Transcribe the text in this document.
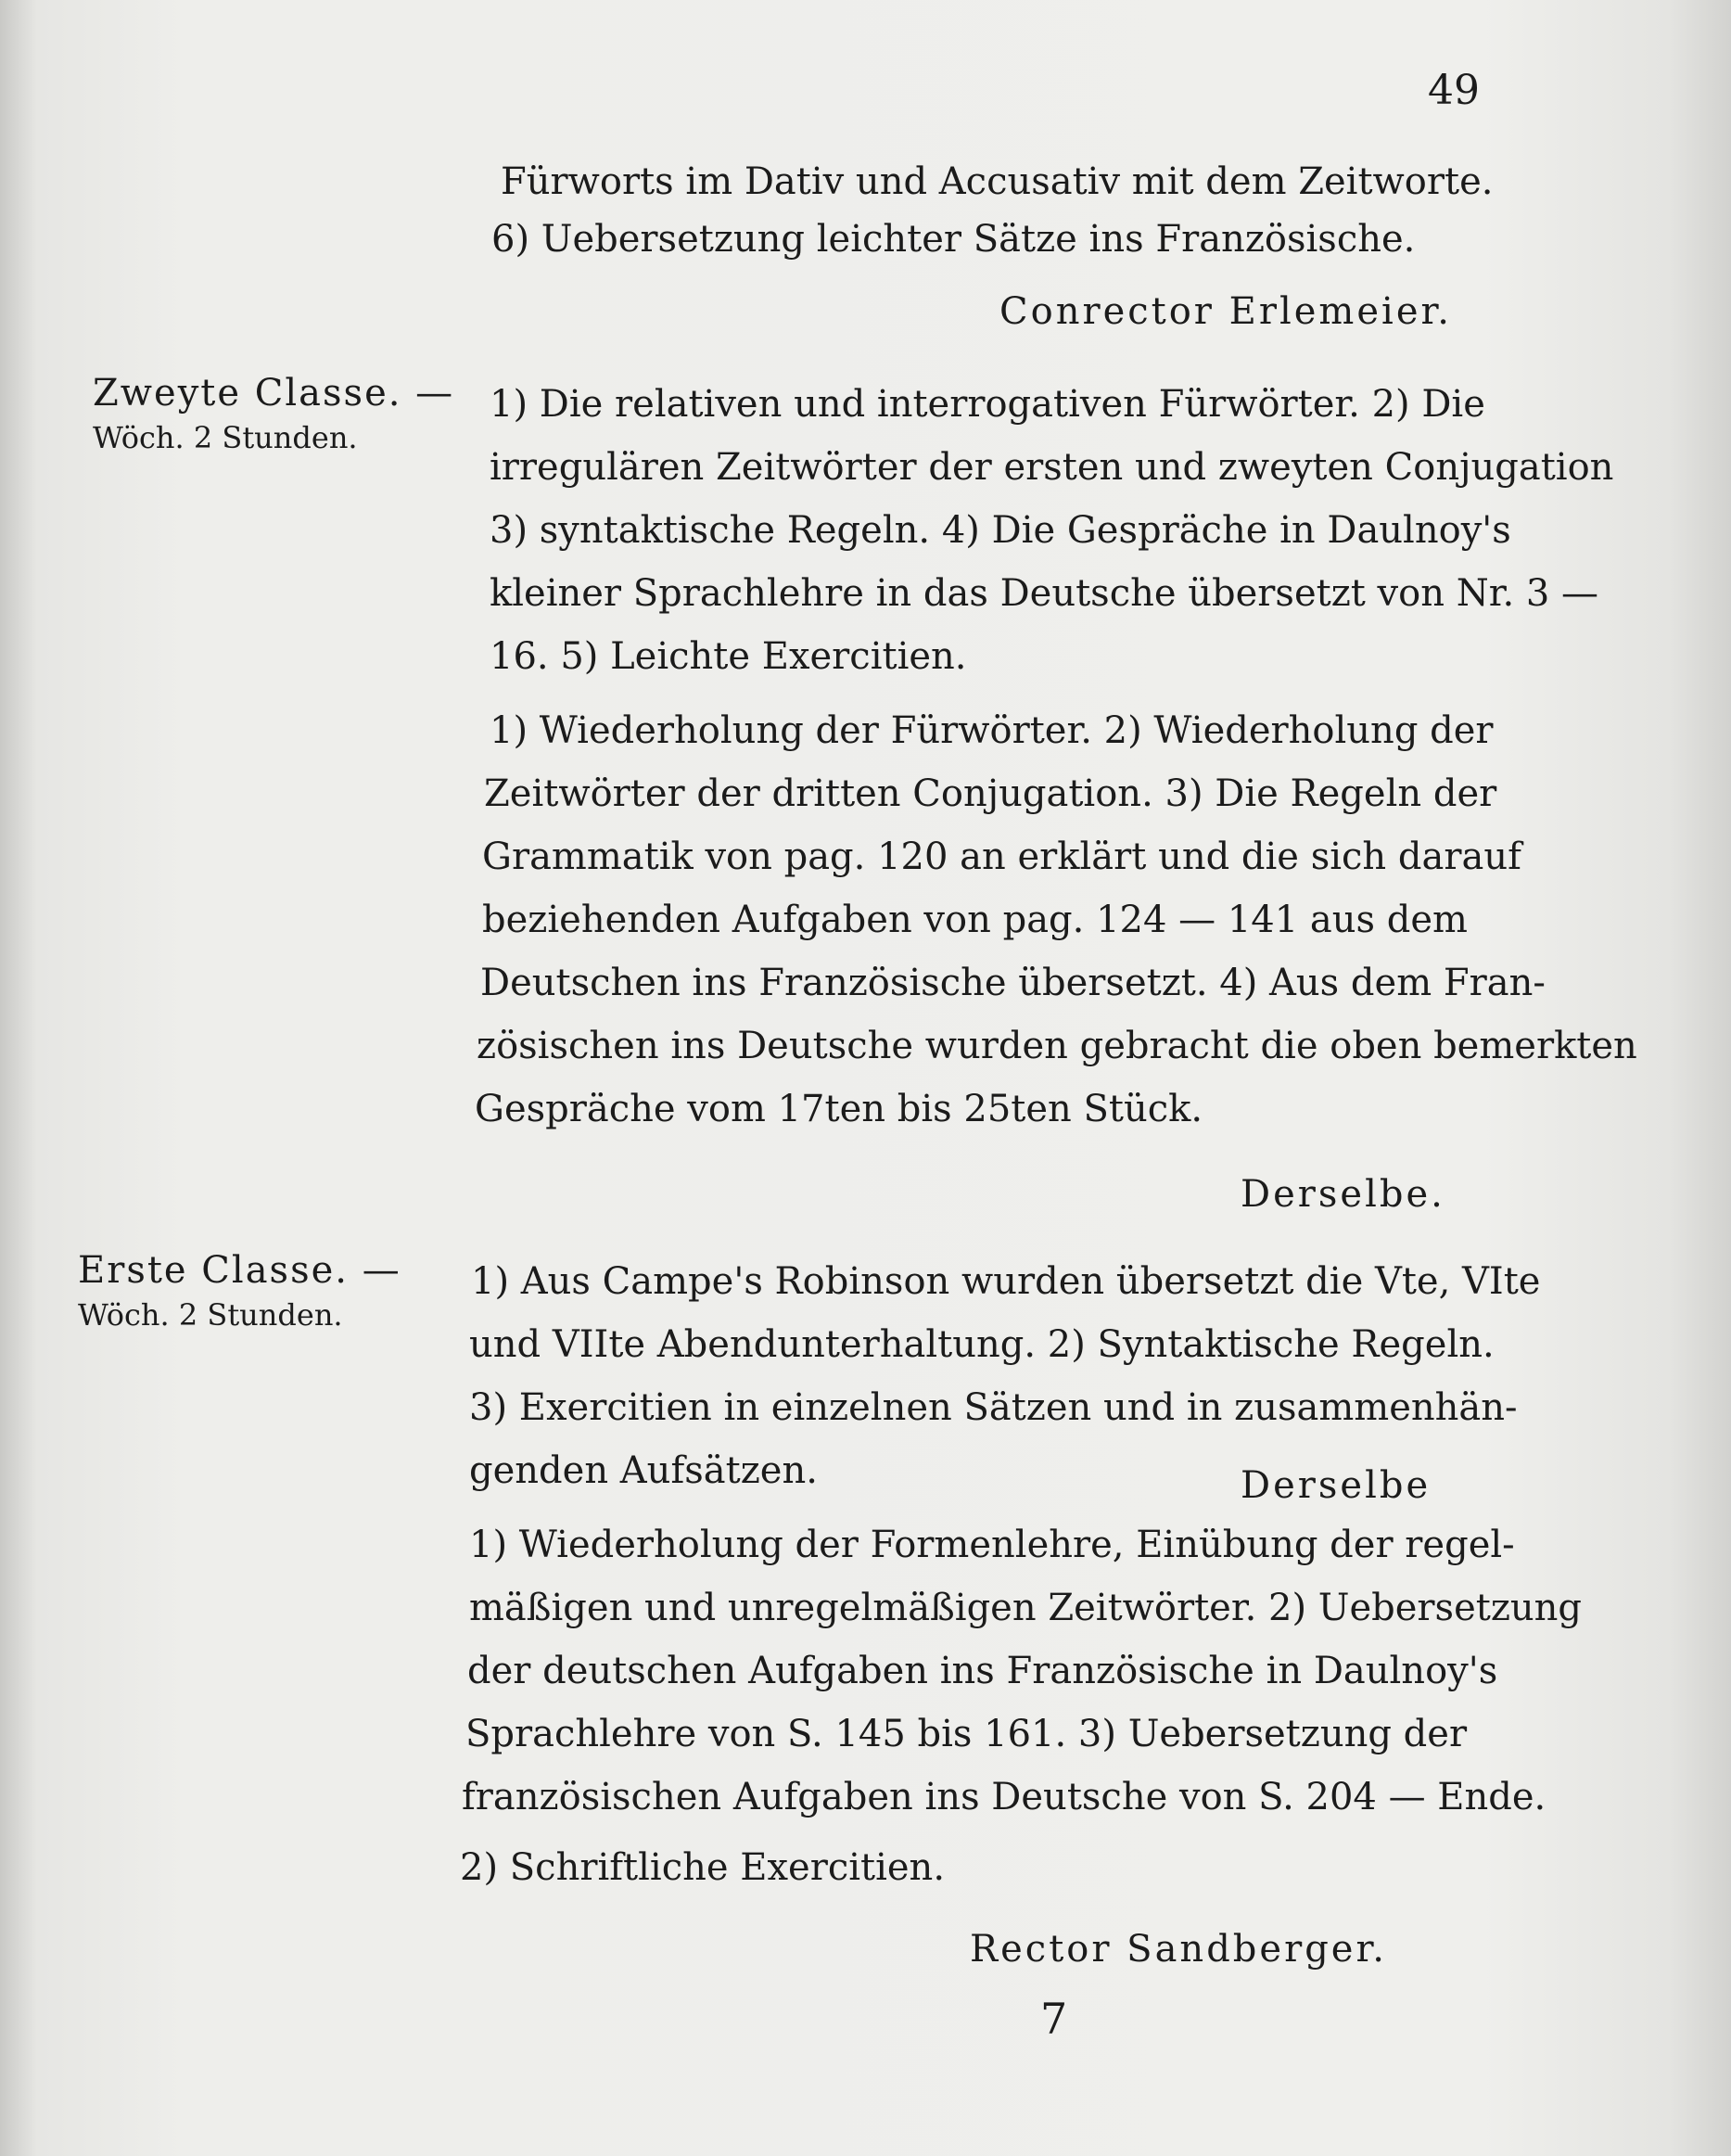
49
Fürworts im Dativ und Accusativ mit dem Zeitworte.
6) Uebersetzung leichter Sätze ins Französische.
Conrector Erlemeier.
Zweyte Classe. —
Wöch. 2 Stunden.
1) Die relativen und interrogativen Fürwörter. 2) Die
irregulären Zeitwörter der ersten und zweyten Conjugation
3) syntaktische Regeln. 4) Die Gespräche in Daulnoy's
kleiner Sprachlehre in das Deutsche übersetzt von Nr. 3 —
16. 5) Leichte Exercitien.
1) Wiederholung der Fürwörter. 2) Wiederholung der
Zeitwörter der dritten Conjugation. 3) Die Regeln der
Grammatik von pag. 120 an erklärt und die sich darauf
beziehenden Aufgaben von pag. 124 — 141 aus dem
Deutschen ins Französische übersetzt. 4) Aus dem Fran-
zösischen ins Deutsche wurden gebracht die oben bemerkten
Gespräche vom 17ten bis 25ten Stück.
Derselbe.
Erste Classe. —
Wöch. 2 Stunden.
1) Aus Campe's Robinson wurden übersetzt die Vte, VIte
und VIIte Abendunterhaltung. 2) Syntaktische Regeln.
3) Exercitien in einzelnen Sätzen und in zusammenhän-
genden Aufsätzen.	Derselbe
1) Wiederholung der Formenlehre, Einübung der regel-
mäßigen und unregelmäßigen Zeitwörter. 2) Uebersetzung
der deutschen Aufgaben ins Französische in Daulnoy's
Sprachlehre von S. 145 bis 161. 3) Uebersetzung der
französischen Aufgaben ins Deutsche von S. 204 — Ende.
2) Schriftliche Exercitien.
Rector Sandberger.
7
